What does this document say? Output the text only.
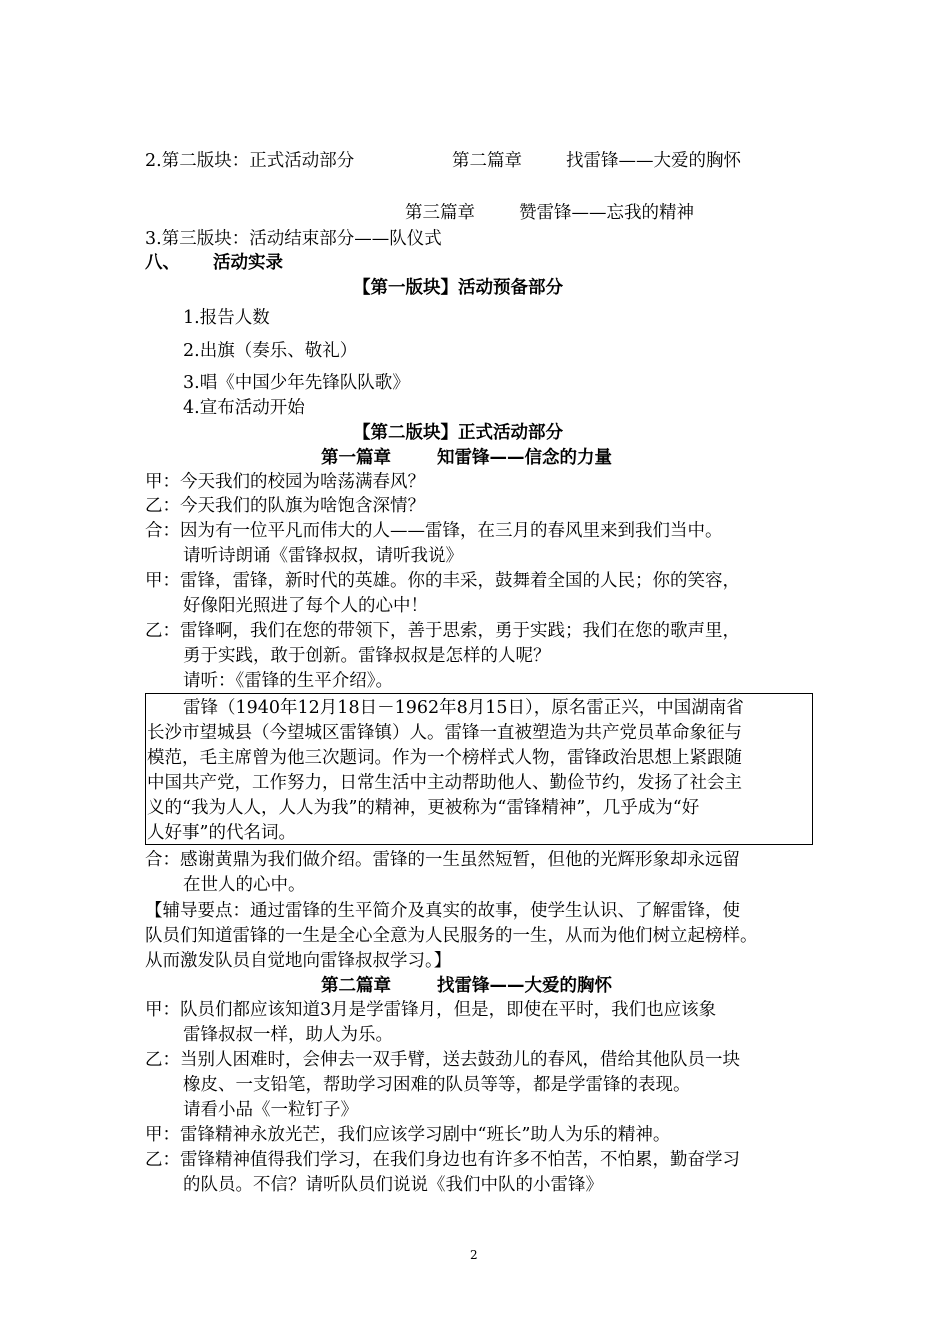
2.第二版块：正式活动部分	第二篇章	找雷锋——大爱的胸怀
第三篇章	赞雷锋——忘我的精神
3.第三版块：活动结束部分——队仪式
八、 活动实录
【第一版块】活动预备部分
1.报告人数
2.出旗（奏乐、敬礼）
3.唱《中国少年先锋队队歌》
4.宣布活动开始
【第二版块】正式活动部分
第一篇章	知雷锋——信念的力量
甲：今天我们的校园为啥荡满春风？
乙：今天我们的队旗为啥饱含深情？
合：因为有一位平凡而伟大的人——雷锋，在三月的春风里来到我们当中。
请听诗朗诵《雷锋叔叔，请听我说》
甲：雷锋，雷锋，新时代的英雄。你的丰采，鼓舞着全国的人民；你的笑容，
好像阳光照进了每个人的心中！
乙：雷锋啊，我们在您的带领下，善于思索，勇于实践；我们在您的歌声里，
勇于实践，敢于创新。雷锋叔叔是怎样的人呢？
请听：《雷锋的生平介绍》。
雷锋（1940年12月18日－1962年8月15日），原名雷正兴，中国湖南省
长沙市望城县（今望城区雷锋镇）人。雷锋一直被塑造为共产党员革命象征与
模范，毛主席曾为他三次题词。作为一个榜样式人物，雷锋政治思想上紧跟随
中国共产党，工作努力，日常生活中主动帮助他人、勤俭节约，发扬了社会主
义的“我为人人，人人为我”的精神，更被称为“雷锋精神”，几乎成为“好
人好事”的代名词。
合：感谢黄鼎为我们做介绍。雷锋的一生虽然短暂，但他的光辉形象却永远留
在世人的心中。
【辅导要点：通过雷锋的生平简介及真实的故事，使学生认识、了解雷锋，使
队员们知道雷锋的一生是全心全意为人民服务的一生，从而为他们树立起榜样。
从而激发队员自觉地向雷锋叔叔学习。】
第二篇章	找雷锋——大爱的胸怀
甲：队员们都应该知道3月是学雷锋月，但是，即使在平时，我们也应该象
雷锋叔叔一样，助人为乐。
乙：当别人困难时，会伸去一双手臂，送去鼓劲儿的春风，借给其他队员一块
橡皮、一支铅笔，帮助学习困难的队员等等，都是学雷锋的表现。
请看小品《一粒钉子》
甲：雷锋精神永放光芒，我们应该学习剧中“班长”助人为乐的精神。
乙：雷锋精神值得我们学习，在我们身边也有许多不怕苦，不怕累，勤奋学习
的队员。不信？请听队员们说说《我们中队的小雷锋》
2
